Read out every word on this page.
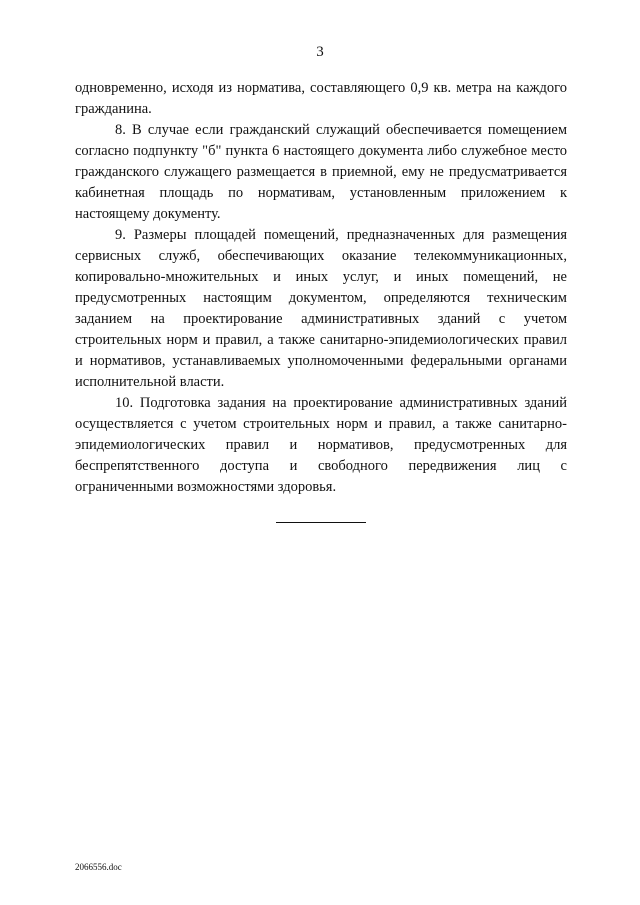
3

одновременно, исходя из норматива, составляющего 0,9 кв. метра на каждого гражданина.

8. В случае если гражданский служащий обеспечивается помещением согласно подпункту "б" пункта 6 настоящего документа либо служебное место гражданского служащего размещается в приемной, ему не предусматривается кабинетная площадь по нормативам, установленным приложением к настоящему документу.

9. Размеры площадей помещений, предназначенных для размещения сервисных служб, обеспечивающих оказание телекоммуникационных, копировально-множительных и иных услуг, и иных помещений, не предусмотренных настоящим документом, определяются техническим заданием на проектирование административных зданий с учетом строительных норм и правил, а также санитарно-эпидемиологических правил и нормативов, устанавливаемых уполномоченными федеральными органами исполнительной власти.

10. Подготовка задания на проектирование административных зданий осуществляется с учетом строительных норм и правил, а также санитарно-эпидемиологических правил и нормативов, предусмотренных для беспрепятственного доступа и свободного передвижения лиц с ограниченными возможностями здоровья.

2066556.doc
